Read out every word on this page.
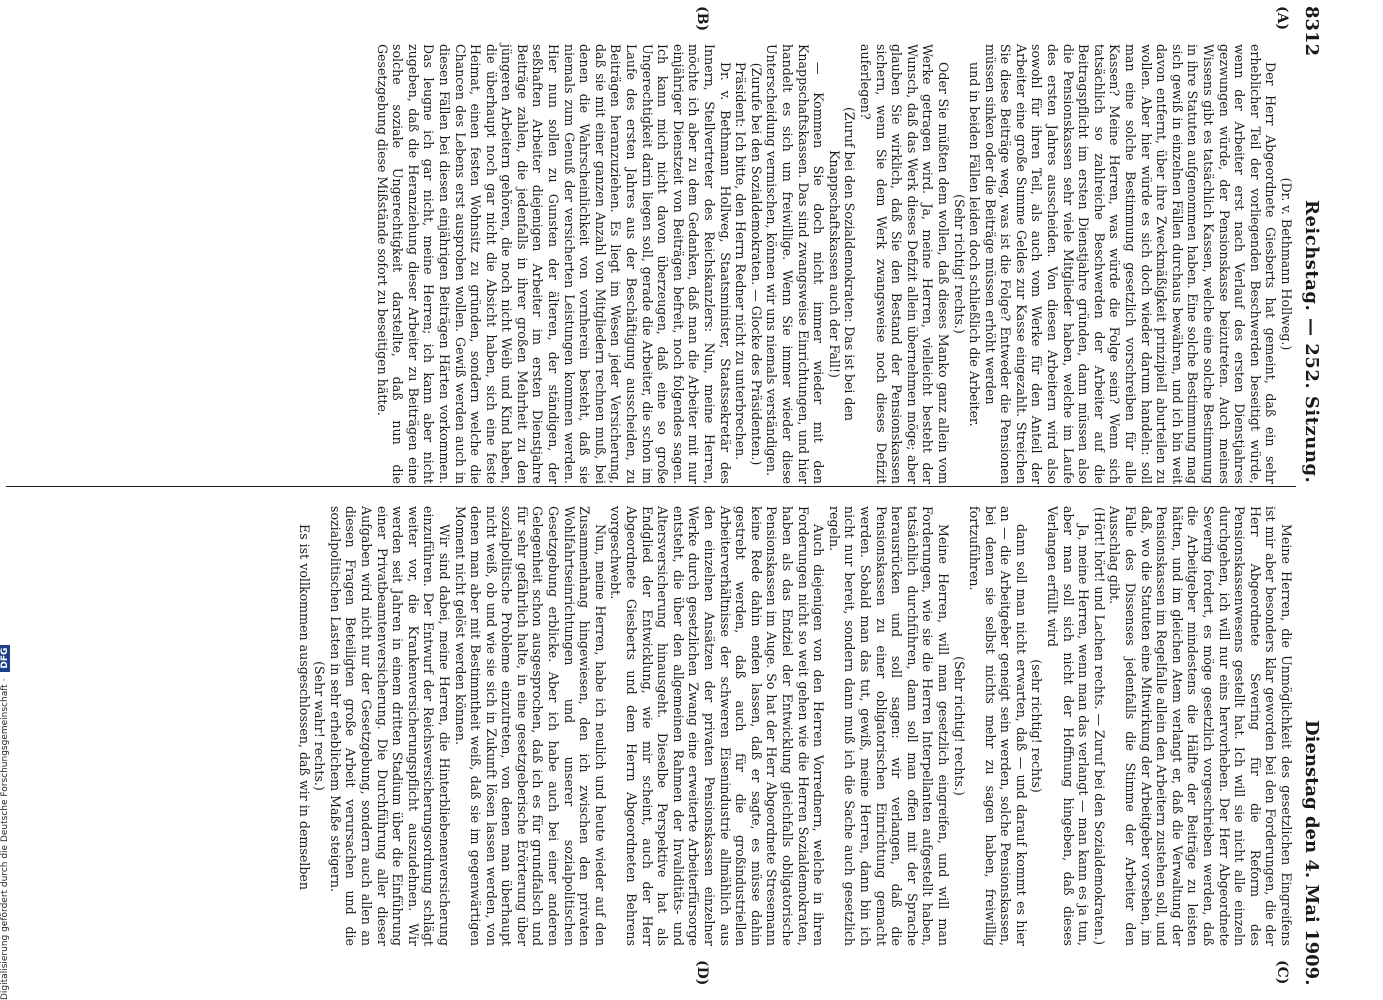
8312
Reichstag. — 252. Sitzung.
Dienstag den 4. Mai 1909.
(A)
(B)
(C)
(D)

(Dr. v. Bethmann Hollweg.)

Der Herr Abgeordnete Giesberts hat gemeint, daß ein sehr erheblicher Teil der vorliegenden Beschwerden beseitigt würde, wenn der Arbeiter erst nach Verlauf des ersten Dienstjahres gezwungen würde, der Pensionskasse beizutreten. Auch meines Wissens gibt es tatsächlich Kassen, welche eine solche Bestimmung in ihre Statuten aufgenommen haben. Eine solche Bestimmung mag sich gewiß in einzelnen Fällen durchaus bewähren, und ich bin weit davon entfernt, über ihre Zweckmäßigkeit prinzipiell aburteilen zu wollen. Aber hier würde es sich doch wieder darum handeln: soll man eine solche Bestimmung gesetzlich vorschreiben für alle Kassen? Meine Herren, was würde die Folge sein? Wenn sich tatsächlich so zahlreiche Beschwerden der Arbeiter auf die Beitragspflicht im ersten Dienstjahre gründen, dann müssen also die Pensionskassen sehr viele Mitglieder haben, welche im Laufe des ersten Jahres ausscheiden. Von diesen Arbeitern wird also sowohl für ihren Teil, als auch vom Werke für den Anteil der Arbeiter eine große Summe Geldes zur Kasse eingezahlt. Streichen Sie diese Beiträge weg, was ist die Folge? Entweder die Pensionen müssen sinken oder die Beiträge müssen erhöht werden

und in beiden Fällen leiden doch schließlich die Arbeiter.

(Sehr richtig! rechts.)

Oder Sie müßten dem wollen, daß dieses Manko ganz allein vom Werke getragen wird. Ja, meine Herren, vielleicht besteht der Wunsch, daß das Werk dieses Defizit allein übernehmen möge; aber glauben Sie wirklich, daß Sie den Bestand der Pensionskassen sichern, wenn Sie dem Werk zwangsweise noch dieses Defizit auferlegen?

(Zuruf bei den Sozialdemokraten: Das ist bei den Knappschaftskassen auch der Fall!)

— Kommen Sie doch nicht immer wieder mit den Knappschaftskassen. Das sind zwangsweise Einrichtungen, und hier handelt es sich um freiwillige. Wenn Sie immer wieder diese Unterscheidung vermischen, können wir uns niemals verständigen.

(Zurufe bei den Sozialdemokraten. — Glocke des Präsidenten.)

Präsident: Ich bitte, den Herrn Redner nicht zu unterbrechen.

Dr. v. Bethmann Hollweg, Staatsminister, Staatssekretär des Innern, Stellvertreter des Reichskanzlers: Nun, meine Herren, möchte ich aber zu dem Gedanken, daß man die Arbeiter mit nur einjähriger Dienstzeit von Beiträgen befreit, noch folgendes sagen. Ich kann mich nicht davon überzeugen, daß eine so große Ungerechtigkeit darin liegen soll, gerade die Arbeiter, die schon im Laufe des ersten Jahres aus der Beschäftigung ausscheiden, zu Beiträgen heranzuziehen. Es liegt im Wesen jeder Versicherung, daß sie mit einer ganzen Anzahl von Mitgliedern rechnen muß, bei denen die Wahrscheinlichkeit von vornherein besteht, daß sie niemals zum Genuß der versicherten Leistungen kommen werden. Hier nun sollen zu Gunsten der älteren, der ständigen, der seßhaften Arbeiter diejenigen Arbeiter im ersten Dienstjahre Beiträge zahlen, die jedenfalls in ihrer großen Mehrheit zu den jüngeren Arbeitern gehören, die noch nicht Weib und Kind haben, die überhaupt noch gar nicht die Absicht haben, sich eine feste Heimat, einen festen Wohnsitz zu gründen, sondern welche die Chancen des Lebens erst ausproben wollen. Gewiß werden auch in diesen Fällen bei diesen einjährigen Beiträgen Härten vorkommen. Das leugne ich gar nicht, meine Herren; ich kann aber nicht zugeben, daß die Heranziehung dieser Arbeiter zu Beiträgen eine solche soziale Ungerechtigkeit darstellte, daß nun die Gesetzgebung diese Mißstände sofort zu beseitigen hätte.

Meine Herren, die Unmöglichkeit des gesetzlichen Eingreifens ist mir aber besonders klar geworden bei den Forderungen, die der Herr Abgeordnete Severing für die Reform des Pensionskassenwesens gestellt hat. Ich will sie nicht alle einzeln durchgehen, ich will nur eins hervorheben. Der Herr Abgeordnete Severing fordert, es möge gesetzlich vorgeschrieben werden, daß die Arbeitgeber mindestens die Hälfte der Beiträge zu leisten hätten, und im gleichen Atem verlangt er, daß die Verwaltung der Pensionskassen im Regelfalle allein den Arbeitern zustehen soll, und daß, wo die Statuten eine Mitwirkung der Arbeitgeber vorsehen, im Falle des Dissenses jedenfalls die Stimme der Arbeiter den Ausschlag gibt.

(Hört! hört! und Lachen rechts. — Zuruf bei den Sozialdemokraten.)

Ja, meine Herren, wenn man das verlangt — man kann es ja tun, aber man soll sich nicht der Hoffnung hingeben, daß dieses Verlangen erfüllt wird

(sehr richtig! rechts)

dann soll man nicht erwarten, daß — und darauf kommt es hier an — die Arbeitgeber geneigt sein werden, solche Pensionskassen, bei denen sie selbst nichts mehr zu sagen haben, freiwillig fortzuführen.

(Sehr richtig! rechts.)

Meine Herren, will man gesetzlich eingreifen, und will man Forderungen, wie sie die Herren Interpellanten aufgestellt haben, tatsächlich durchführen, dann soll man offen mit der Sprache herausrücken und soll sagen: wir verlangen, daß die Pensionskassen zu einer obligatorischen Einrichtung gemacht werden. Sobald man das tut, gewiß, meine Herren, dann bin ich nicht nur bereit, sondern dann muß ich die Sache auch gesetzlich regeln.

Auch diejenigen von den Herren Vorrednern, welche in ihren Forderungen nicht so weit gehen wie die Herren Sozialdemokraten, haben als das Endziel der Entwicklung gleichfalls obligatorische Pensionskassen im Auge. So hat der Herr Abgeordnete Stresemann keine Rede dahin enden lassen, daß er sagte, es müsse dahin gestrebt werden, daß auch für die großindustriellen Arbeiterverhältnisse der schweren Eisenindustrie allmählich aus den einzelnen Ansätzen der privaten Pensionskassen einzelner Werke durch gesetzlichen Zwang eine erweiterte Arbeiterfürsorge entsteht, die über den allgemeinen Rahmen der Invaliditäts- und Altersversicherung hinausgeht. Dieselbe Perspektive hat als Endglied der Entwicklung, wie mir scheint, auch der Herr Abgeordnete Giesberts und dem Herrn Abgeordneten Behrens vorgeschwebt.

Nun, meine Herren, habe ich neulich und heute wieder auf den Zusammenhang hingewiesen, den ich zwischen den privaten Wohlfahrtseinrichtungen und unserer sozialpolitischen Gesetzgebung erblicke. Aber ich habe auch bei einer anderen Gelegenheit schon ausgesprochen, daß ich es für grundfalsch und für sehr gefährlich halte, in eine gesetzgeberische Erörterung über sozialpolitische Probleme einzutreten, von denen man überhaupt nicht weiß, ob und wie sie sich in Zukunft lösen lassen werden, von denen man aber mit Bestimmtheit weiß, daß sie im gegenwärtigen Moment nicht gelöst werden können.

Wir sind dabei, meine Herren, die Hinterbliebenenversicherung einzuführen. Der Entwurf der Reichsversicherungsordnung schlägt weiter vor, die Krankenversicherungspflicht auszudehnen. Wir werden seit Jahren in einem dritten Stadium über die Einführung einer Privatbeamtenversicherung. Die Durchführung aller dieser Aufgaben wird nicht nur der Gesetzgebung, sondern auch allen an diesen Fragen Beteiligten große Arbeit verursachen und die sozialpolitischen Lasten in sehr erheblichem Maße steigern.

(Sehr wahr! rechts.)

Es ist vollkommen ausgeschlossen, daß wir in demselben

Digitalisierung gefördert durch die Deutsche Forschungsgemeinschaft · DFG
